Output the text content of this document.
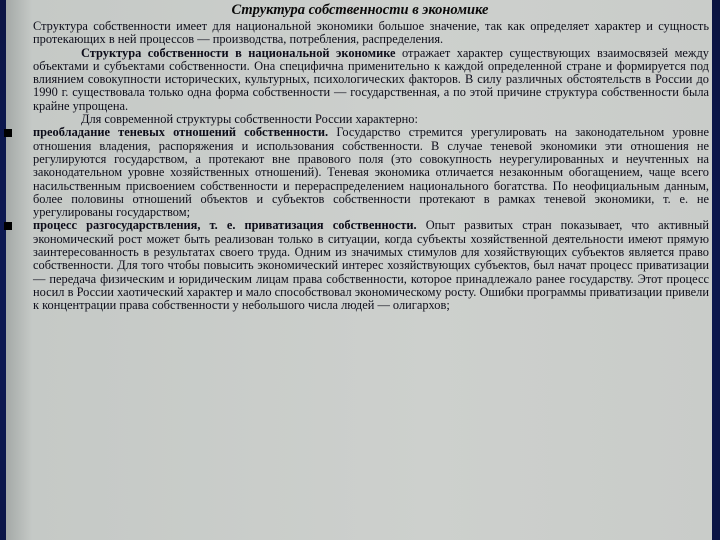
Структура собственности в экономике

Структура собственности имеет для национальной экономики большое значение, так как определяет характер и сущность протекающих в ней процессов — производства, потребления, распределения.

Структура собственности в национальной экономике отражает характер существующих взаимосвязей между объектами и субъектами собственности. Она специфична применительно к каждой определенной стране и формируется под влиянием совокупности исторических, культурных, психологических факторов. В силу различных обстоятельств в России до 1990 г. существовала только одна форма собственности — государственная, а по этой причине структура собственности была крайне упрощена.

Для современной структуры собственности России характерно:

преобладание теневых отношений собственности. Государство стремится урегулировать на законодательном уровне отношения владения, распоряжения и использования собственности. В случае теневой экономики эти отношения не регулируются государством, а протекают вне правового поля (это совокупность неурегулированных и неучтенных на законодательном уровне хозяйственных отношений). Теневая экономика отличается незаконным обогащением, чаще всего насильственным присвоением собственности и перераспределением национального богатства. По неофициальным данным, более половины отношений объектов и субъектов собственности протекают в рамках теневой экономики, т. е. не урегулированы государством;

процесс разгосударствления, т. е. приватизация собственности. Опыт развитых стран показывает, что активный экономический рост может быть реализован только в ситуации, когда субъекты хозяйственной деятельности имеют прямую заинтересованность в результатах своего труда. Одним из значимых стимулов для хозяйствующих субъектов является право собственности. Для того чтобы повысить экономический интерес хозяйствующих субъектов, был начат процесс приватизации — передача физическим и юридическим лицам права собственности, которое принадлежало ранее государству. Этот процесс носил в России хаотический характер и мало способствовал экономическому росту. Ошибки программы приватизации привели к концентрации права собственности у небольшого числа людей — олигархов;
